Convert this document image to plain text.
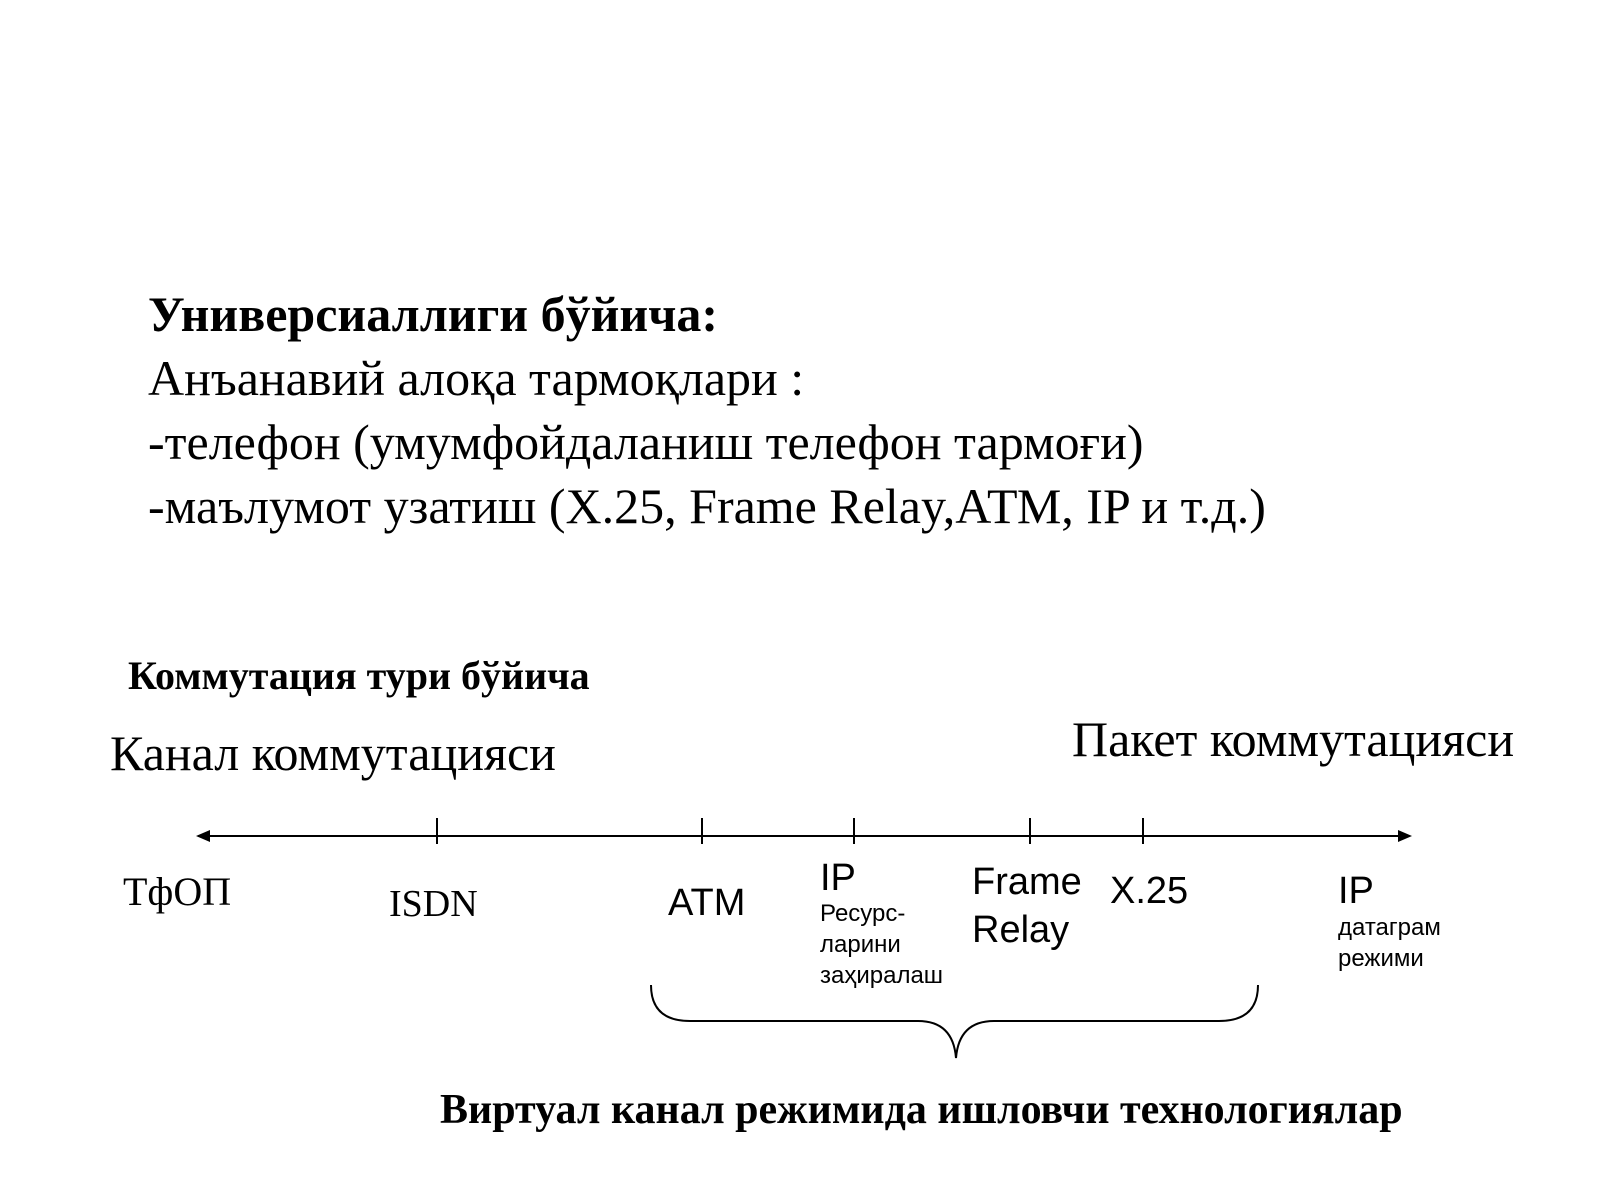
Универсиаллиги бўйича:
Анъанавий алоқа тармоқлари :
-телефон (умумфойдаланиш телефон тармоғи)
-маълумот узатиш (X.25, Frame Relay,АТМ, IP и т.д.)
Коммутация тури бўйича
Канал коммутацияси	Пакет коммутацияси
ТфОП	ISDN	ATM
IP
Ресурс-
ларини
заҳиралаш
Frame
Relay
X.25	IP
датаграм
режими
Виртуал канал режимида ишловчи технологиялар
